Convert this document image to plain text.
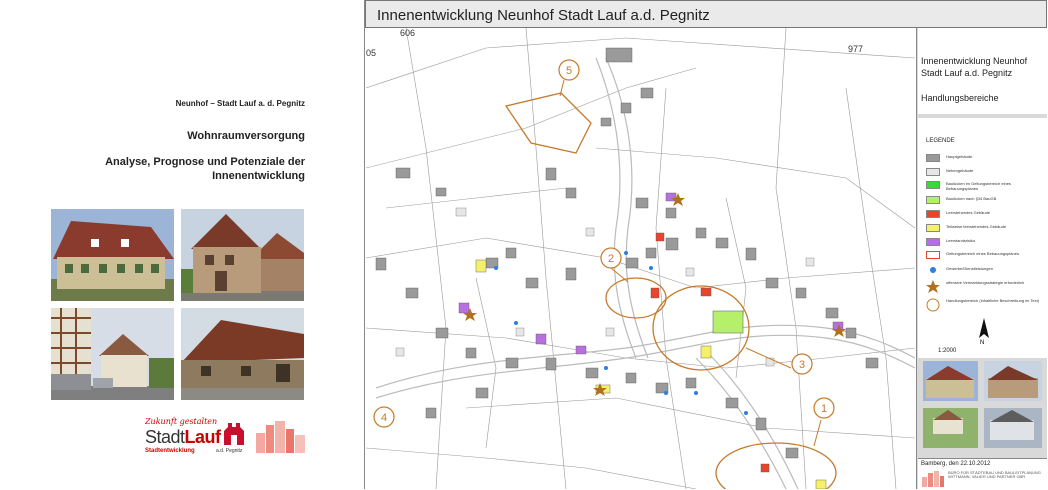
Neunhof – Stadt Lauf a. d. Pegnitz
Wohnraumversorgung
Analyse, Prognose und Potenziale der Innenentwicklung
Zukunft gestalten
StadtLauf
Stadtentwicklung	a.d. Pegnitz
Innenentwicklung Neunhof Stadt Lauf a.d. Pegnitz
5
2
3
1
4
606
977
05
Innenentwicklung Neunhof
Stadt Lauf a.d. Pegnitz
Handlungsbereiche
LEGENDE
Hauptgebäude
Nebengebäude
Baulücken im Geltungsbereich eines Bebauungsplanes
Baulücken nach §34 BauGB
Leerstehendes Gebäude
Teilweise leerstehendes Gebäude
Leerstandsrisiko
Geltungsbereich eines Bebauungsplanes
Gewerbe/Dienstleistungen
offensive Vermarktungsstrategie erforderlich
Handlungsbereich (inhaltliche Beschreibung im Text)
N
1:2000
Bamberg, den 22.10.2012
BÜRO FÜR STÄDTEBAU UND BAULEITPLANUNG WITTMANN, VALIER UND PARTNER GBR
